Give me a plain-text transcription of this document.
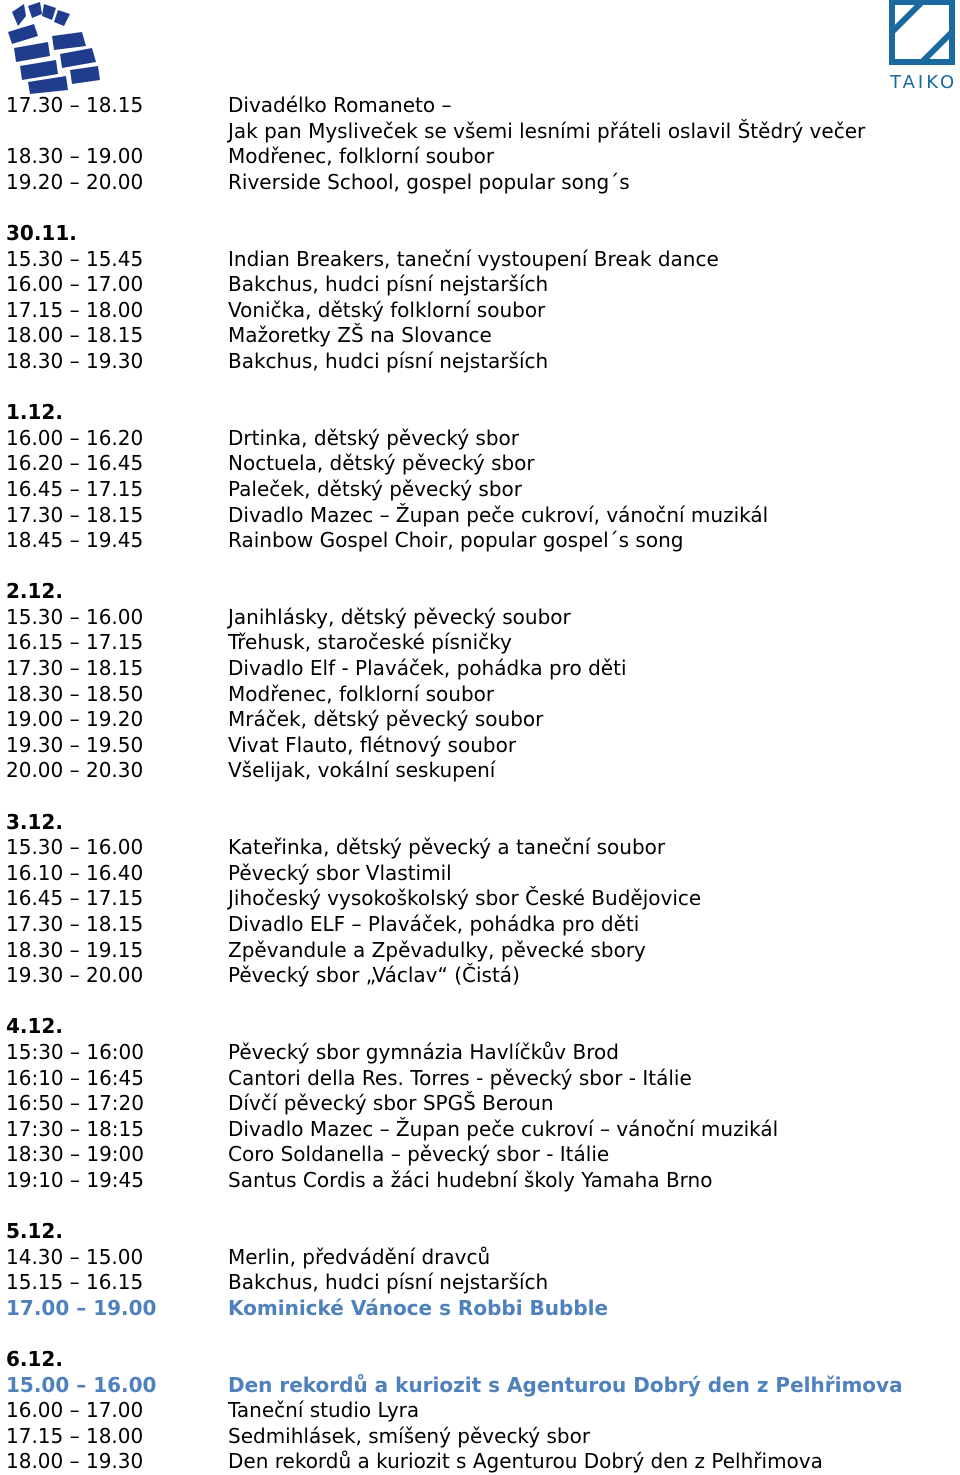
TAIKO
17.30 – 18.15	Divadélko Romaneto –
Jak pan Mysliveček se všemi lesními přáteli oslavil Štědrý večer
18.30 – 19.00	Modřenec, folklorní soubor
19.20 – 20.00	Riverside School, gospel popular song´s
30.11.
15.30 – 15.45	Indian Breakers, taneční vystoupení Break dance
16.00 – 17.00	Bakchus, hudci písní nejstarších
17.15 – 18.00	Vonička, dětský folklorní soubor
18.00 – 18.15	Mažoretky ZŠ na Slovance
18.30 – 19.30	Bakchus, hudci písní nejstarších
1.12.
16.00 – 16.20	Drtinka, dětský pěvecký sbor
16.20 – 16.45	Noctuela, dětský pěvecký sbor
16.45 – 17.15	Paleček, dětský pěvecký sbor
17.30 – 18.15	Divadlo Mazec – Župan peče cukroví, vánoční muzikál
18.45 – 19.45	Rainbow Gospel Choir, popular gospel´s song
2.12.
15.30 – 16.00	Janihlásky, dětský pěvecký soubor
16.15 – 17.15	Třehusk, staročeské písničky
17.30 – 18.15	Divadlo Elf - Plaváček, pohádka pro děti
18.30 – 18.50	Modřenec, folklorní soubor
19.00 – 19.20	Mráček, dětský pěvecký soubor
19.30 – 19.50	Vivat Flauto, flétnový soubor
20.00 – 20.30	Všelijak, vokální seskupení
3.12.
15.30 – 16.00	Kateřinka, dětský pěvecký a taneční soubor
16.10 – 16.40	Pěvecký sbor Vlastimil
16.45 – 17.15	Jihočeský vysokoškolský sbor České Budějovice
17.30 – 18.15	Divadlo ELF – Plaváček, pohádka pro děti
18.30 – 19.15	Zpěvandule a Zpěvadulky, pěvecké sbory
19.30 – 20.00	Pěvecký sbor „Václav“ (Čistá)
4.12.
15:30 – 16:00	Pěvecký sbor gymnázia Havlíčkův Brod
16:10 – 16:45	Cantori della Res. Torres - pěvecký sbor - Itálie
16:50 – 17:20	Dívčí pěvecký sbor SPGŠ Beroun
17:30 – 18:15	Divadlo Mazec – Župan peče cukroví – vánoční muzikál
18:30 – 19:00	Coro Soldanella – pěvecký sbor - Itálie
19:10 – 19:45	Santus Cordis a žáci hudební školy Yamaha Brno
5.12.
14.30 – 15.00	Merlin, předvádění dravců
15.15 – 16.15	Bakchus, hudci písní nejstarších
17.00 – 19.00	Kominické Vánoce s Robbi Bubble
6.12.
15.00 – 16.00	Den rekordů a kuriozit s Agenturou Dobrý den z Pelhřimova
16.00 – 17.00	Taneční studio Lyra
17.15 – 18.00	Sedmihlásek, smíšený pěvecký sbor
18.00 – 19.30	Den rekordů a kuriozit s Agenturou Dobrý den z Pelhřimova
